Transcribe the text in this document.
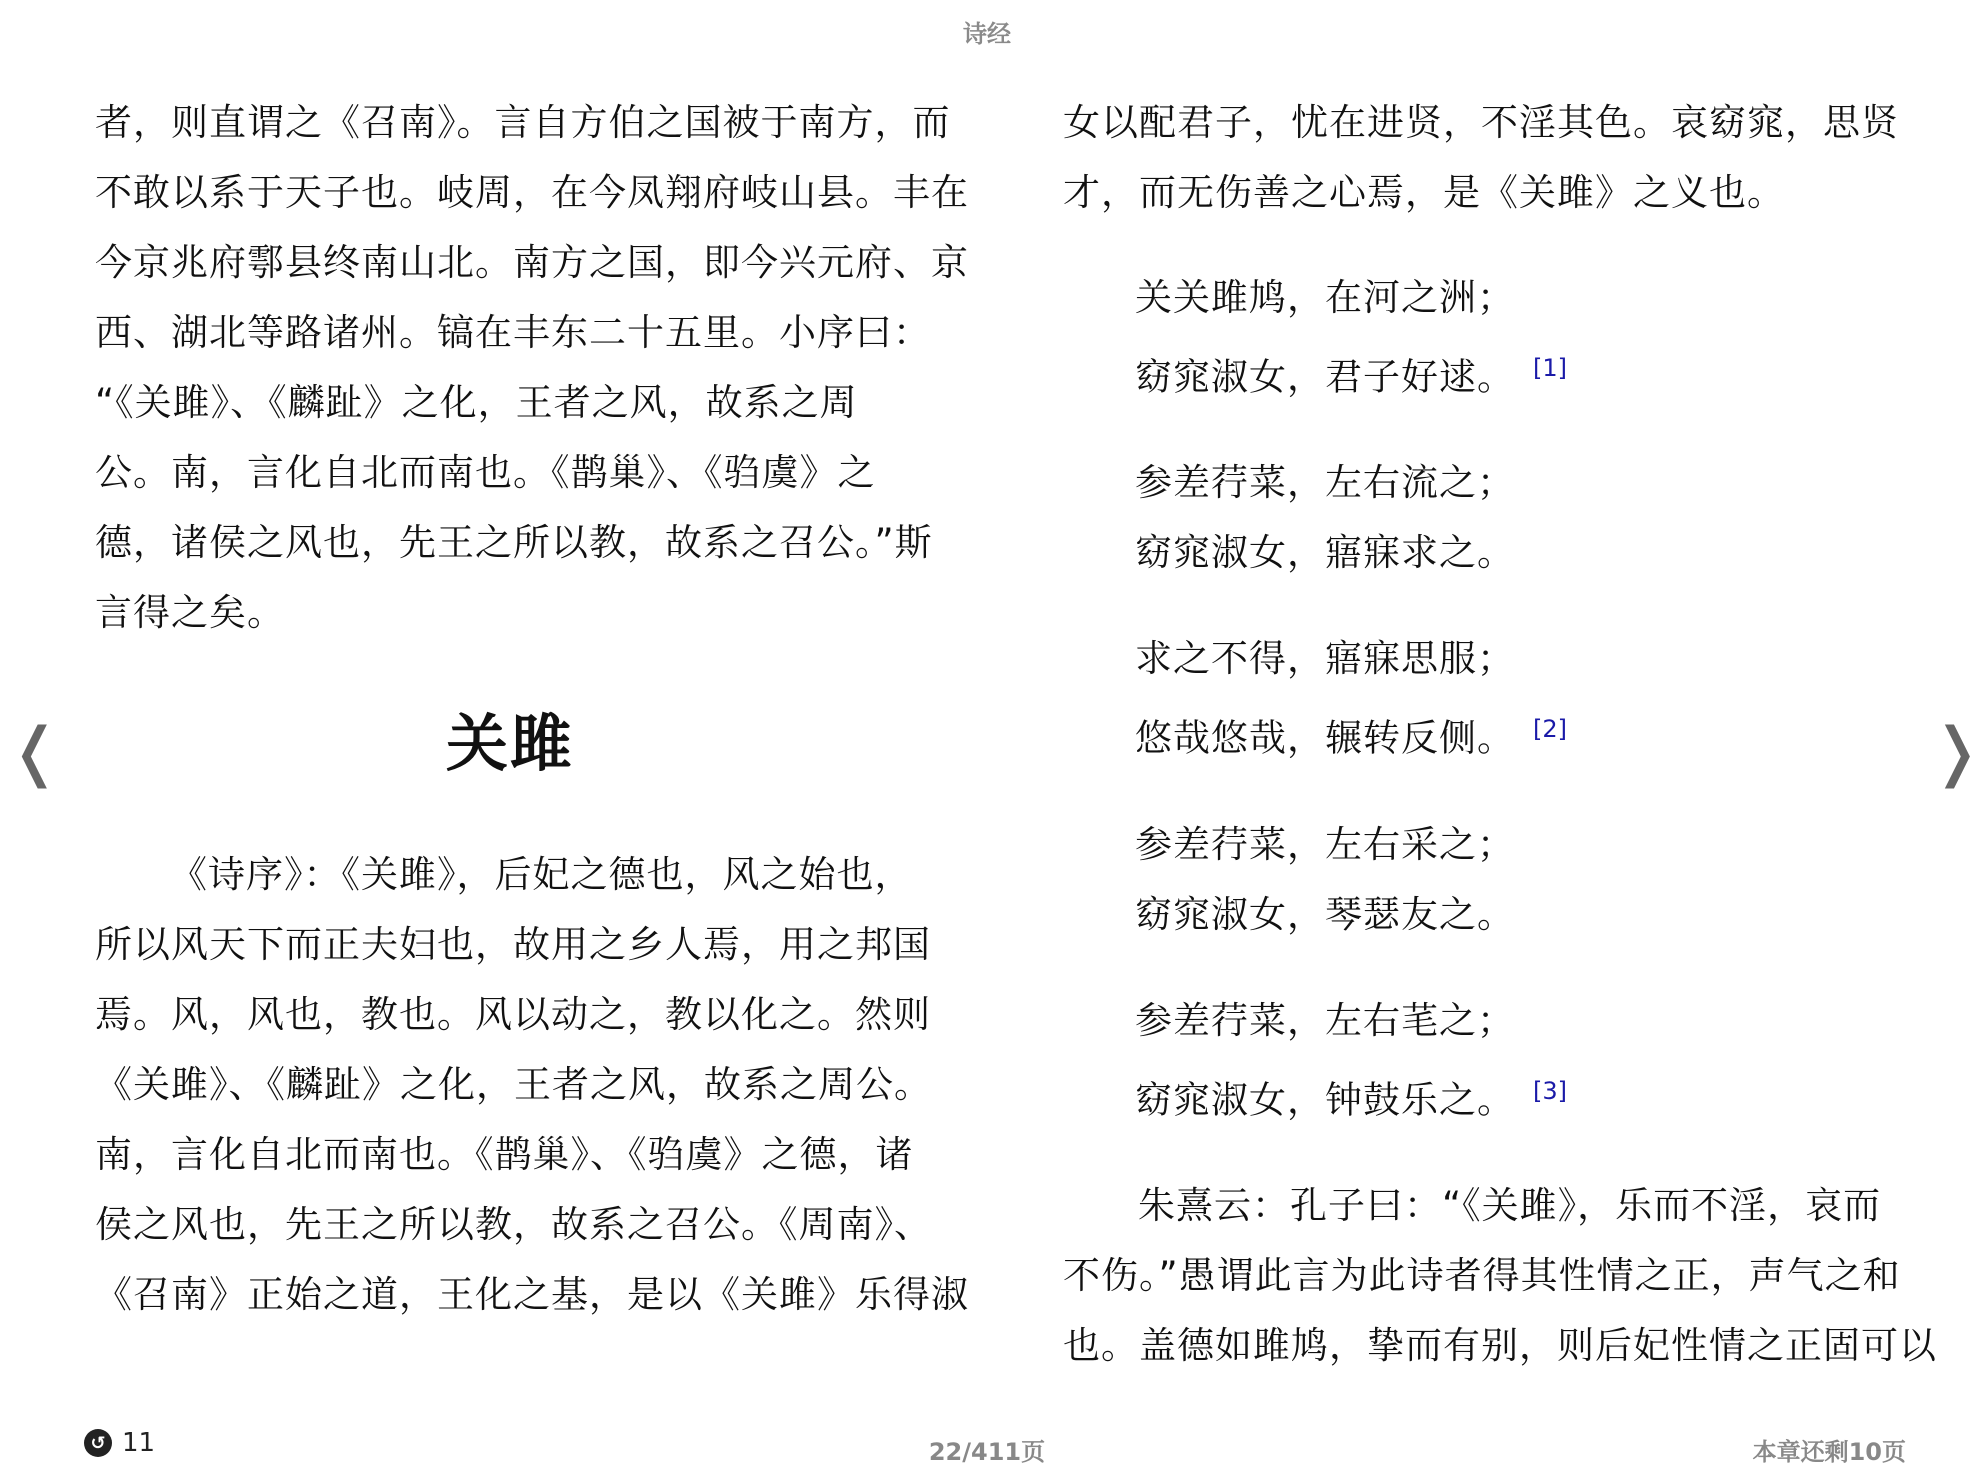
诗经
❬	❭

者，则直谓之《召南》。言自方伯之国被于南方，而

不敢以系于天子也。岐周，在今凤翔府岐山县。丰在

今京兆府鄠县终南山北。南方之国，即今兴元府、京

西、湖北等路诸州。镐在丰东二十五里。小序曰：

“《关雎》、《麟趾》之化，王者之风，故系之周

公。南，言化自北而南也。《鹊巢》、《驺虞》之

德，诸侯之风也，先王之所以教，故系之召公。”斯

言得之矣。

关雎

《诗序》：《关雎》，后妃之德也，风之始也，

所以风天下而正夫妇也，故用之乡人焉，用之邦国

焉。风，风也，教也。风以动之，教以化之。然则

《关雎》、《麟趾》之化，王者之风，故系之周公。

南，言化自北而南也。《鹊巢》、《驺虞》之德，诸

侯之风也，先王之所以教，故系之召公。《周南》、

《召南》正始之道，王化之基，是以《关雎》乐得淑

女以配君子，忧在进贤，不淫其色。哀窈窕，思贤

才，而无伤善之心焉，是《关雎》之义也。

关关雎鸠，在河之洲；
窈窕淑女，君子好逑。 [1]
参差荇菜，左右流之；
窈窕淑女，寤寐求之。
求之不得，寤寐思服；
悠哉悠哉，辗转反侧。 [2]
参差荇菜，左右采之；
窈窕淑女，琴瑟友之。
参差荇菜，左右芼之；
窈窕淑女，钟鼓乐之。 [3]

朱熹云：孔子曰：“《关雎》，乐而不淫，哀而

不伤。”愚谓此言为此诗者得其性情之正，声气之和

也。盖德如雎鸠，挚而有别，则后妃性情之正固可以

↺ 11	22/411页	本章还剩10页
